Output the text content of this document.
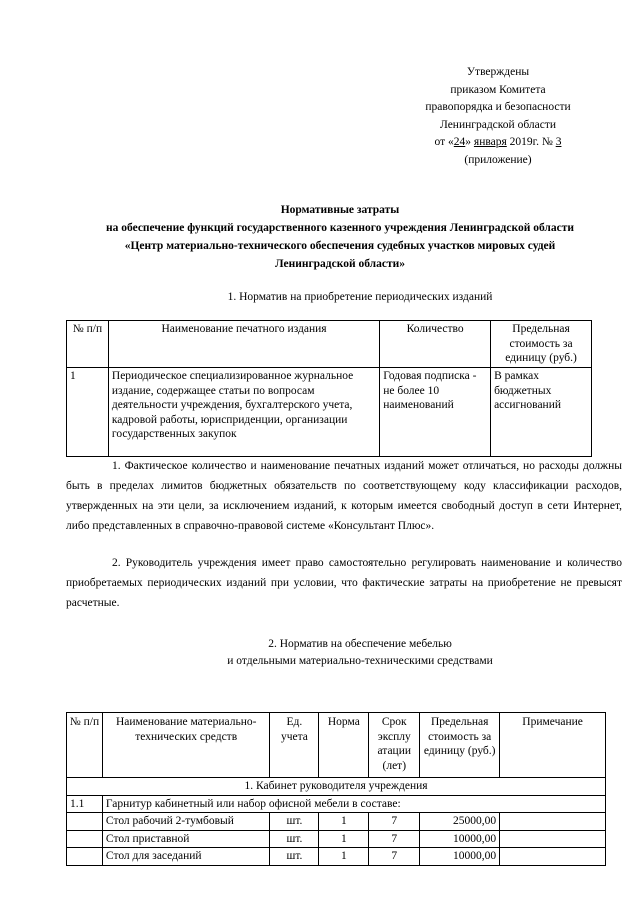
Утверждены
приказом Комитета
правопорядка и безопасности
Ленинградской области
от «24» января 2019г. № 3
(приложение)
Нормативные затраты
на обеспечение функций государственного казенного учреждения Ленинградской области
«Центр материально-технического обеспечения судебных участков мировых судей
Ленинградской области»
1. Норматив на приобретение периодических изданий
№ п/п	Наименование печатного издания	Количество	Предельная стоимость за единицу (руб.)
1	Периодическое специализированное журнальное издание, содержащее статьи по вопросам деятельности учреждения, бухгалтерского учета, кадровой работы, юрисприденции, организации государственных закупок	Годовая подписка - не более 10 наименований	В рамках бюджетных ассигнований
1. Фактическое количество и наименование печатных изданий может отличаться, но расходы должны быть в пределах лимитов бюджетных обязательств по соответствующему коду классификации расходов, утвержденных на эти цели, за исключением изданий, к которым имеется свободный доступ в сети Интернет, либо представленных в справочно-правовой системе «Консультант Плюс».
2. Руководитель учреждения имеет право самостоятельно регулировать наименование и количество приобретаемых периодических изданий при условии, что фактические затраты на приобретение не превысят расчетные.
2. Норматив на обеспечение мебелью
и отдельными материально-техническими средствами
№ п/п	Наименование материально-технических средств	Ед. учета	Норма	Срок эксплу атации (лет)	Предельная стоимость за единицу (руб.)	Примечание
1. Кабинет руководителя учреждения						
1.1	Гарнитур кабинетный или набор офисной мебели в составе:					
	Стол рабочий 2-тумбовый	шт.	1	7	25000,00	
	Стол приставной	шт.	1	7	10000,00	
	Стол для заседаний	шт.	1	7	10000,00	
